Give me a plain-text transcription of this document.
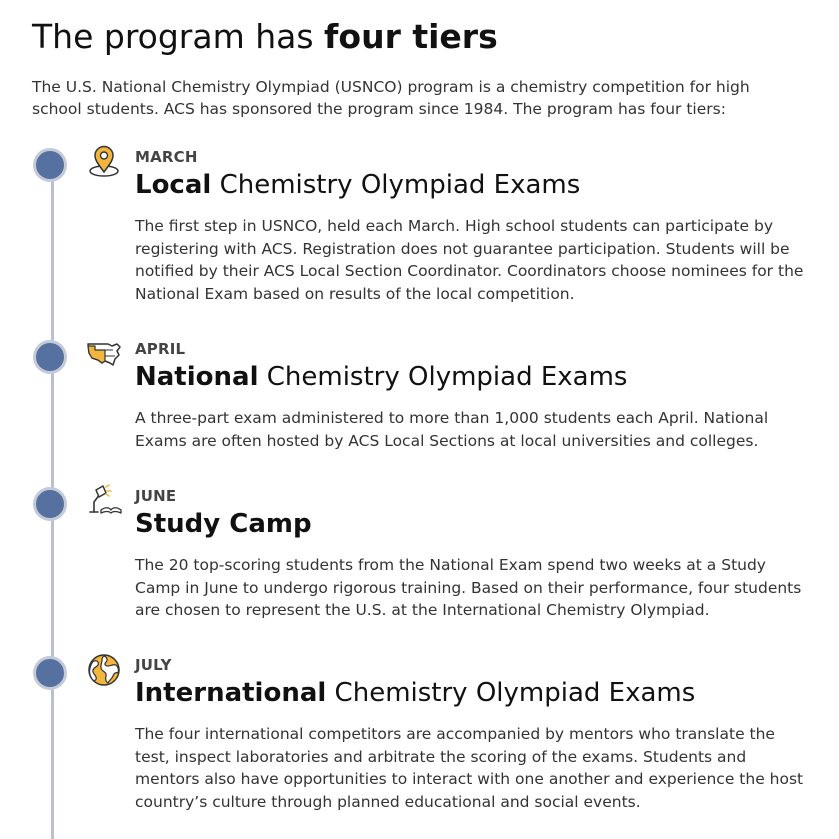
The program has four tiers

The U.S. National Chemistry Olympiad (USNCO) program is a chemistry competition for high school students. ACS has sponsored the program since 1984. The program has four tiers:

MARCH
Local Chemistry Olympiad Exams

The first step in USNCO, held each March. High school students can participate by registering with ACS. Registration does not guarantee participation. Students will be notified by their ACS Local Section Coordinator. Coordinators choose nominees for the National Exam based on results of the local competition.

APRIL
National Chemistry Olympiad Exams

A three-part exam administered to more than 1,000 students each April. National Exams are often hosted by ACS Local Sections at local universities and colleges.

JUNE
Study Camp

The 20 top-scoring students from the National Exam spend two weeks at a Study Camp in June to undergo rigorous training. Based on their performance, four students are chosen to represent the U.S. at the International Chemistry Olympiad.

JULY
International Chemistry Olympiad Exams

The four international competitors are accompanied by mentors who translate the test, inspect laboratories and arbitrate the scoring of the exams. Students and mentors also have opportunities to interact with one another and experience the host country’s culture through planned educational and social events.
